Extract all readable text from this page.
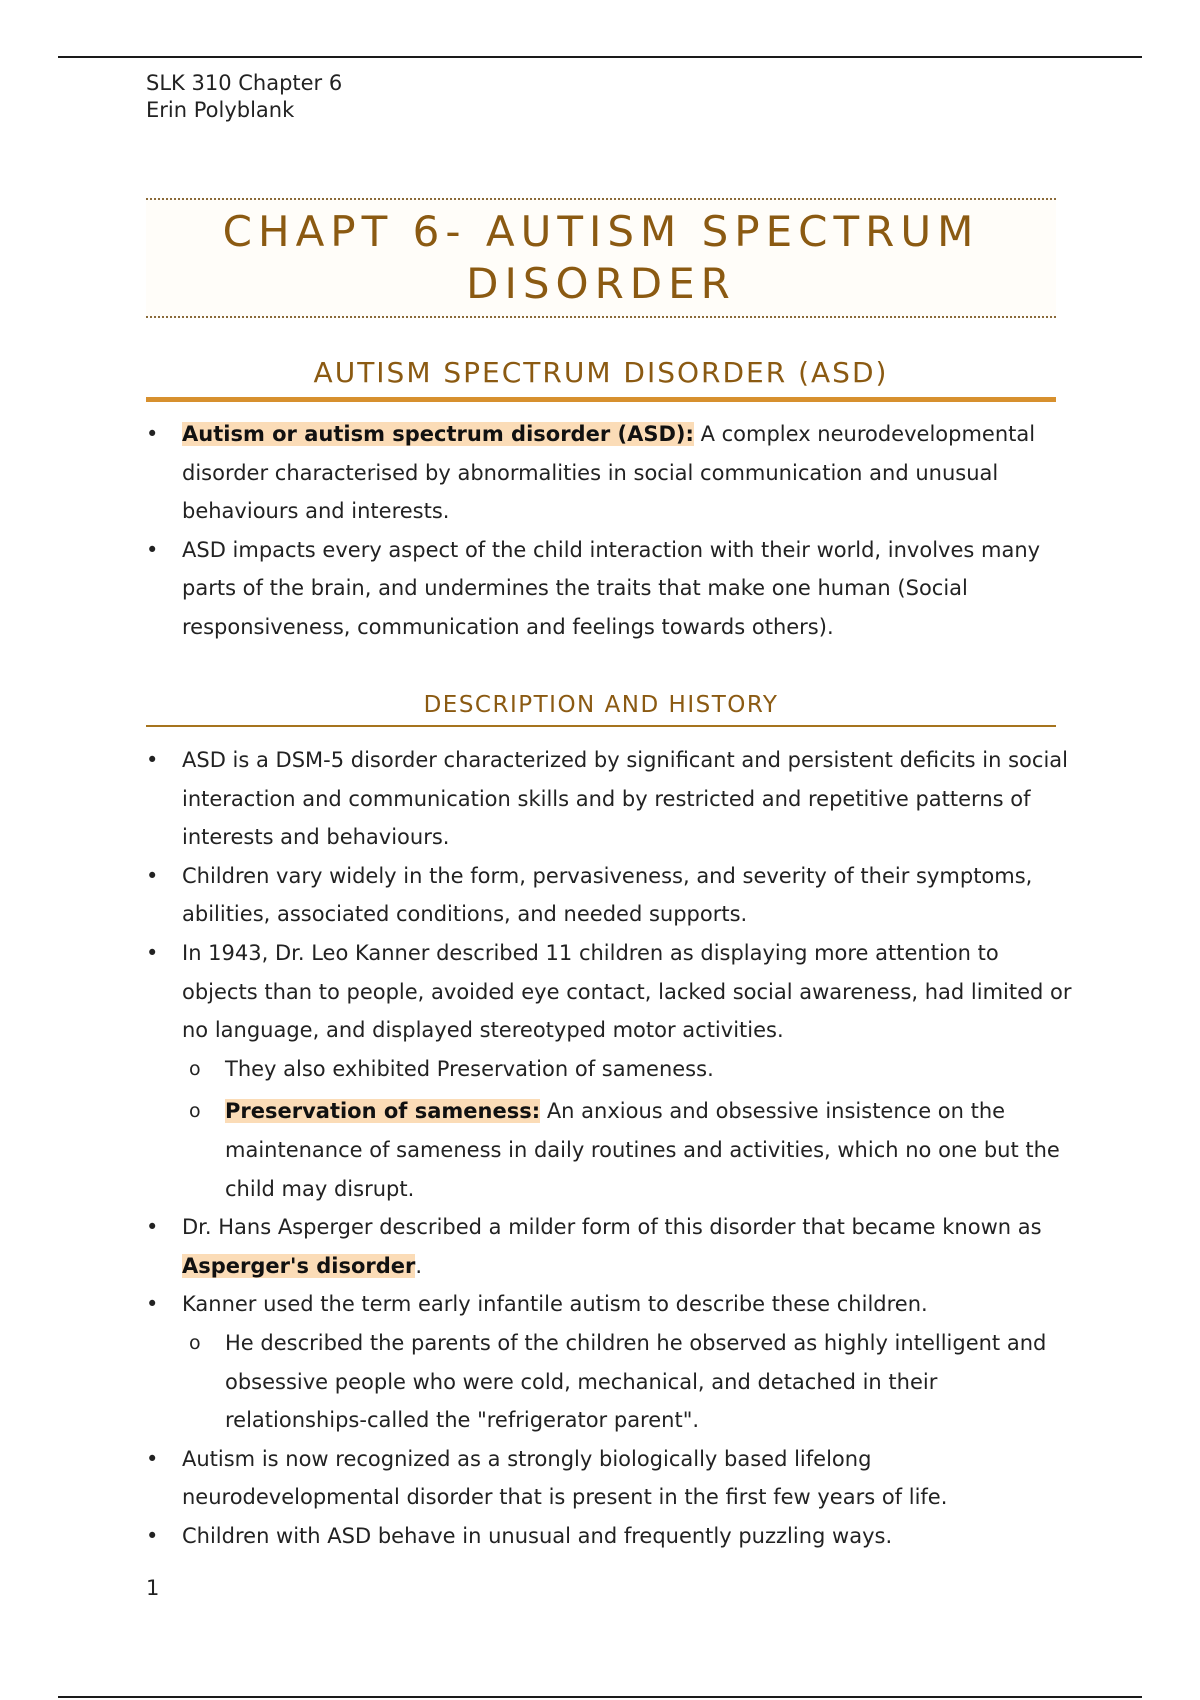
SLK 310 Chapter 6
Erin Polyblank
CHAPT 6- AUTISM SPECTRUM DISORDER
AUTISM SPECTRUM DISORDER (ASD)
• Autism or autism spectrum disorder (ASD): A complex neurodevelopmental disorder characterised by abnormalities in social communication and unusual behaviours and interests.
• ASD impacts every aspect of the child interaction with their world, involves many parts of the brain, and undermines the traits that make one human (Social responsiveness, communication and feelings towards others).
DESCRIPTION AND HISTORY
• ASD is a DSM-5 disorder characterized by significant and persistent deficits in social interaction and communication skills and by restricted and repetitive patterns of interests and behaviours.
• Children vary widely in the form, pervasiveness, and severity of their symptoms, abilities, associated conditions, and needed supports.
• In 1943, Dr. Leo Kanner described 11 children as displaying more attention to objects than to people, avoided eye contact, lacked social awareness, had limited or no language, and displayed stereotyped motor activities.
o They also exhibited Preservation of sameness.
o Preservation of sameness: An anxious and obsessive insistence on the maintenance of sameness in daily routines and activities, which no one but the child may disrupt.
• Dr. Hans Asperger described a milder form of this disorder that became known as Asperger's disorder.
• Kanner used the term early infantile autism to describe these children.
o He described the parents of the children he observed as highly intelligent and obsessive people who were cold, mechanical, and detached in their relationships-called the "refrigerator parent".
• Autism is now recognized as a strongly biologically based lifelong neurodevelopmental disorder that is present in the first few years of life.
• Children with ASD behave in unusual and frequently puzzling ways.
1
